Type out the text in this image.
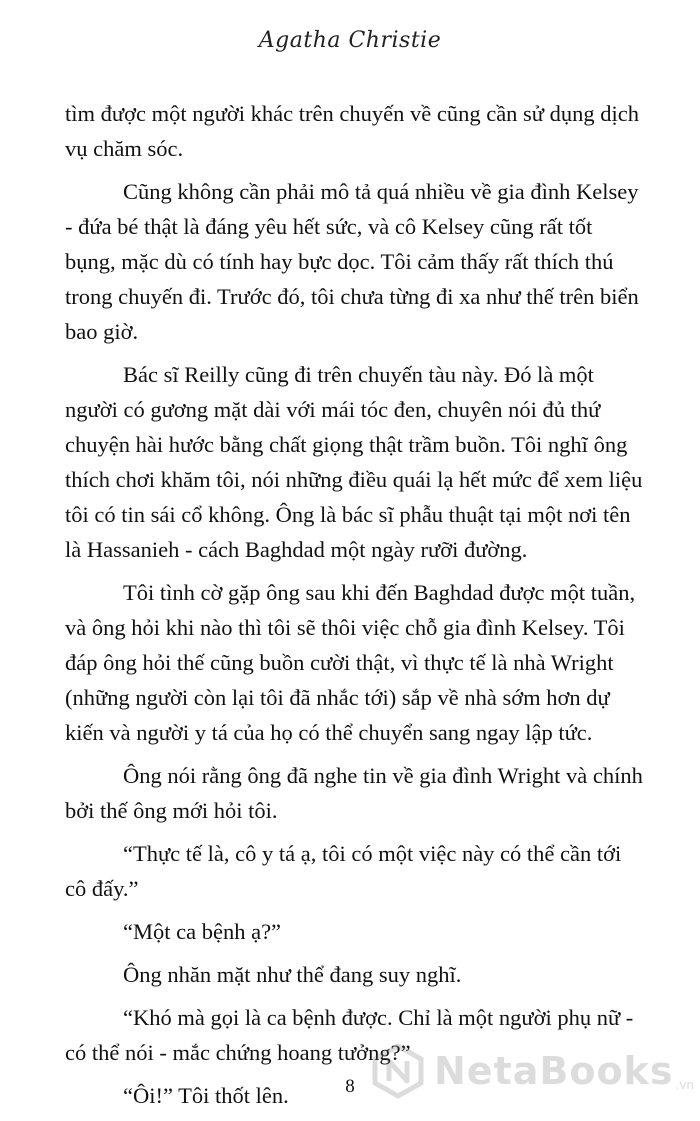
Agatha Christie

tìm được một người khác trên chuyến về cũng cần sử dụng dịch vụ chăm sóc.

Cũng không cần phải mô tả quá nhiều về gia đình Kelsey - đứa bé thật là đáng yêu hết sức, và cô Kelsey cũng rất tốt bụng, mặc dù có tính hay bực dọc. Tôi cảm thấy rất thích thú trong chuyến đi. Trước đó, tôi chưa từng đi xa như thế trên biển bao giờ.

Bác sĩ Reilly cũng đi trên chuyến tàu này. Đó là một người có gương mặt dài với mái tóc đen, chuyên nói đủ thứ chuyện hài hước bằng chất giọng thật trầm buồn. Tôi nghĩ ông thích chơi khăm tôi, nói những điều quái lạ hết mức để xem liệu tôi có tin sái cổ không. Ông là bác sĩ phẫu thuật tại một nơi tên là Hassanieh - cách Baghdad một ngày rưỡi đường.

Tôi tình cờ gặp ông sau khi đến Baghdad được một tuần, và ông hỏi khi nào thì tôi sẽ thôi việc chỗ gia đình Kelsey. Tôi đáp ông hỏi thế cũng buồn cười thật, vì thực tế là nhà Wright (những người còn lại tôi đã nhắc tới) sắp về nhà sớm hơn dự kiến và người y tá của họ có thể chuyển sang ngay lập tức.

Ông nói rằng ông đã nghe tin về gia đình Wright và chính bởi thế ông mới hỏi tôi.

“Thực tế là, cô y tá ạ, tôi có một việc này có thể cần tới cô đấy.”

“Một ca bệnh ạ?”

Ông nhăn mặt như thể đang suy nghĩ.

“Khó mà gọi là ca bệnh được. Chỉ là một người phụ nữ - có thể nói - mắc chứng hoang tưởng?”

“Ôi!” Tôi thốt lên.	8	NetaBooks .vn
